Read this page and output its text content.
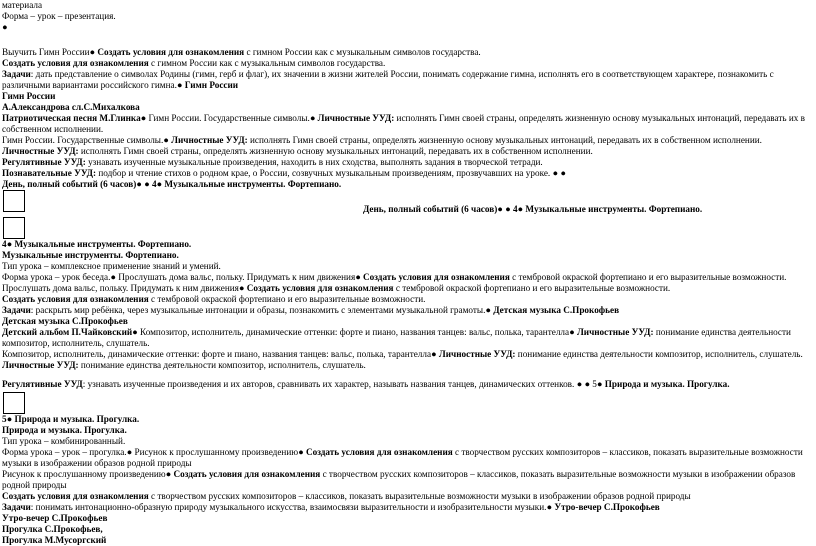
материала

Форма – урок – презентация.

●

Выучить Гимн России● Создать условия для ознакомления с гимном России как с музыкальным символов государства.

Создать условия для ознакомления с гимном России как с музыкальным символов государства.

Задачи: дать представление о символах Родины (гимн, герб и флаг), их значении в жизни жителей России, понимать содержание гимна, исполнять его в соответствующем характере, познакомить с различными вариантами российского гимна.● Гимн России

Гимн России

А.Александрова сл.С.Михалкова

Патриотическая песня М.Глинка● Гимн России. Государственные символы.● Личностные УУД: исполнять Гимн своей страны, определять жизненную основу музыкальных интонаций, передавать их в собственном исполнении.

Гимн России. Государственные символы.● Личностные УУД: исполнять Гимн своей страны, определять жизненную основу музыкальных интонаций, передавать их в собственном исполнении.

Личностные УУД: исполнять Гимн своей страны, определять жизненную основу музыкальных интонаций, передавать их в собственном исполнении.

Регулятивные УУД: узнавать изученные музыкальные произведения, находить в них сходства, выполнять задания в творческой тетради.

Познавательные УУД: подбор и чтение стихов о родном крае, о России, созвучных музыкальным произведениям, прозвучавших на уроке. ● ●

День, полный событий (6 часов)● ● 4● Музыкальные инструменты. Фортепиано.

День, полный событий (6 часов)● ● 4● Музыкальные инструменты. Фортепиано.

4● Музыкальные инструменты. Фортепиано.

Музыкальные инструменты. Фортепиано.

Тип урока – комплексное применение знаний и умений.

Форма урока – урок беседа.● Прослушать дома вальс, польку. Придумать к ним движения● Создать условия для ознакомления с тембровой окраской фортепиано и его выразительные возможности.

Прослушать дома вальс, польку. Придумать к ним движения● Создать условия для ознакомления с тембровой окраской фортепиано и его выразительные возможности.

Создать условия для ознакомления с тембровой окраской фортепиано и его выразительные возможности.

Задачи: раскрыть мир ребёнка, через музыкальные интонации и образы, познакомить с элементами музыкальной грамоты.● Детская музыка С.Прокофьев

Детская музыка С.Прокофьев

Детский альбом П.Чайковский● Композитор, исполнитель, динамические оттенки: форте и пиано, названия танцев: вальс, полька, тарантелла● Личностные УУД: понимание единства деятельности композитор, исполнитель, слушатель.

Композитор, исполнитель, динамические оттенки: форте и пиано, названия танцев: вальс, полька, тарантелла● Личностные УУД: понимание единства деятельности композитор, исполнитель, слушатель.

Личностные УУД: понимание единства деятельности композитор, исполнитель, слушатель.

Регулятивные УУД: узнавать изученные произведения и их авторов, сравнивать их характер, называть названия танцев, динамических оттенков. ● ● 5● Природа и музыка. Прогулка.

5● Природа и музыка. Прогулка.

Природа и музыка. Прогулка.

Тип урока – комбинированный.

Форма урока – урок – прогулка.● Рисунок к прослушанному произведению● Создать условия для ознакомления с творчеством русских композиторов – классиков, показать выразительные возможности музыки в изображении образов родной природы

Рисунок к прослушанному произведению● Создать условия для ознакомления с творчеством русских композиторов – классиков, показать выразительные возможности музыки в изображении образов родной природы

Создать условия для ознакомления с творчеством русских композиторов – классиков, показать выразительные возможности музыки в изображении образов родной природы

Задачи: понимать интонационно-образную природу музыкального искусства, взаимосвязи выразительности и изобразительности музыки.● Утро-вечер С.Прокофьев

Утро-вечер С.Прокофьев

Прогулка С.Прокофьев,

Прогулка М.Мусоргский
